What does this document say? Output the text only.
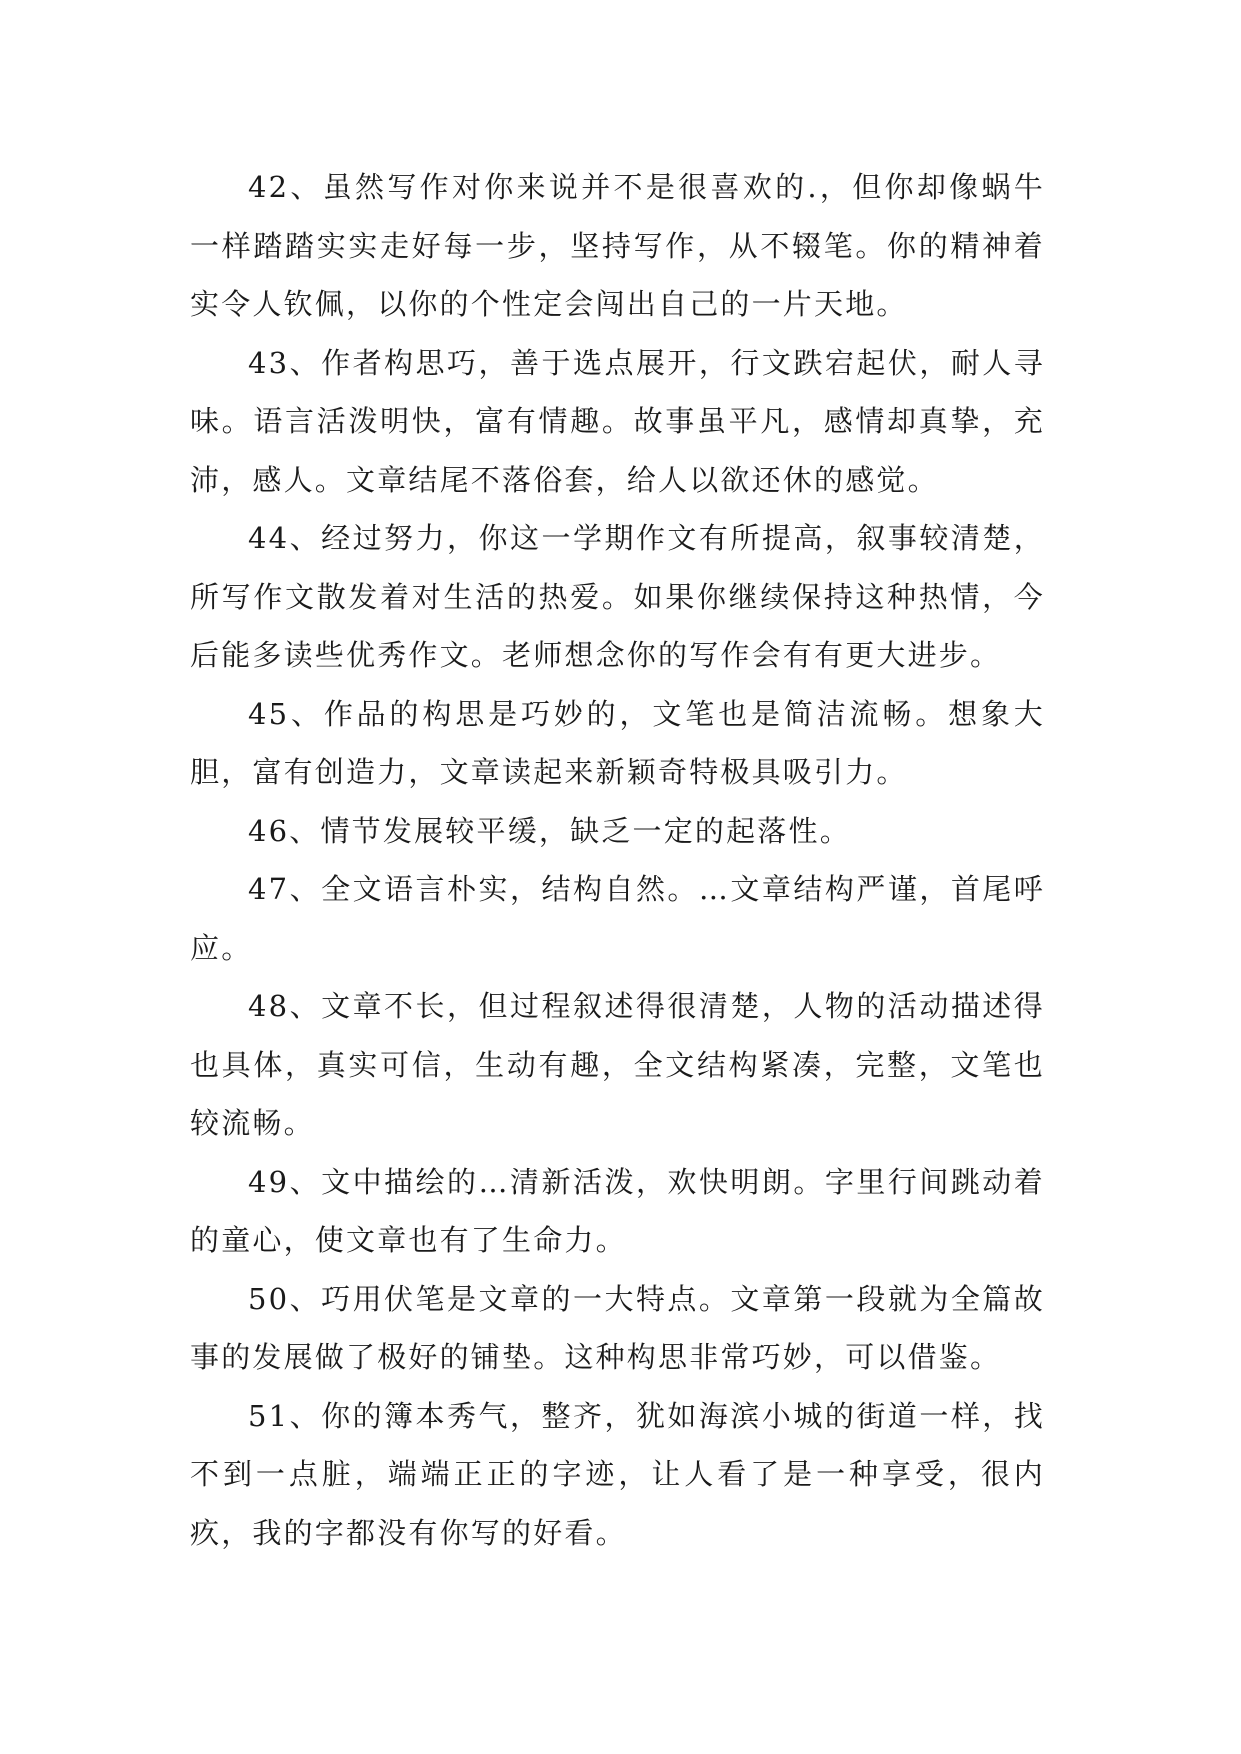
42、虽然写作对你来说并不是很喜欢的.，但你却像蜗牛一样踏踏实实走好每一步，坚持写作，从不辍笔。你的精神着实令人钦佩，以你的个性定会闯出自己的一片天地。

43、作者构思巧，善于选点展开，行文跌宕起伏，耐人寻味。语言活泼明快，富有情趣。故事虽平凡，感情却真挚，充沛，感人。文章结尾不落俗套，给人以欲还休的感觉。

44、经过努力，你这一学期作文有所提高，叙事较清楚，所写作文散发着对生活的热爱。如果你继续保持这种热情，今后能多读些优秀作文。老师想念你的写作会有有更大进步。

45、作品的构思是巧妙的，文笔也是简洁流畅。想象大胆，富有创造力，文章读起来新颖奇特极具吸引力。

46、情节发展较平缓，缺乏一定的起落性。

47、全文语言朴实，结构自然。…文章结构严谨，首尾呼应。

48、文章不长，但过程叙述得很清楚，人物的活动描述得也具体，真实可信，生动有趣，全文结构紧凑，完整，文笔也较流畅。

49、文中描绘的…清新活泼，欢快明朗。字里行间跳动着的童心，使文章也有了生命力。

50、巧用伏笔是文章的一大特点。文章第一段就为全篇故事的发展做了极好的铺垫。这种构思非常巧妙，可以借鉴。

51、你的簿本秀气，整齐，犹如海滨小城的街道一样，找不到一点脏，端端正正的字迹，让人看了是一种享受，很内疚，我的字都没有你写的好看。
